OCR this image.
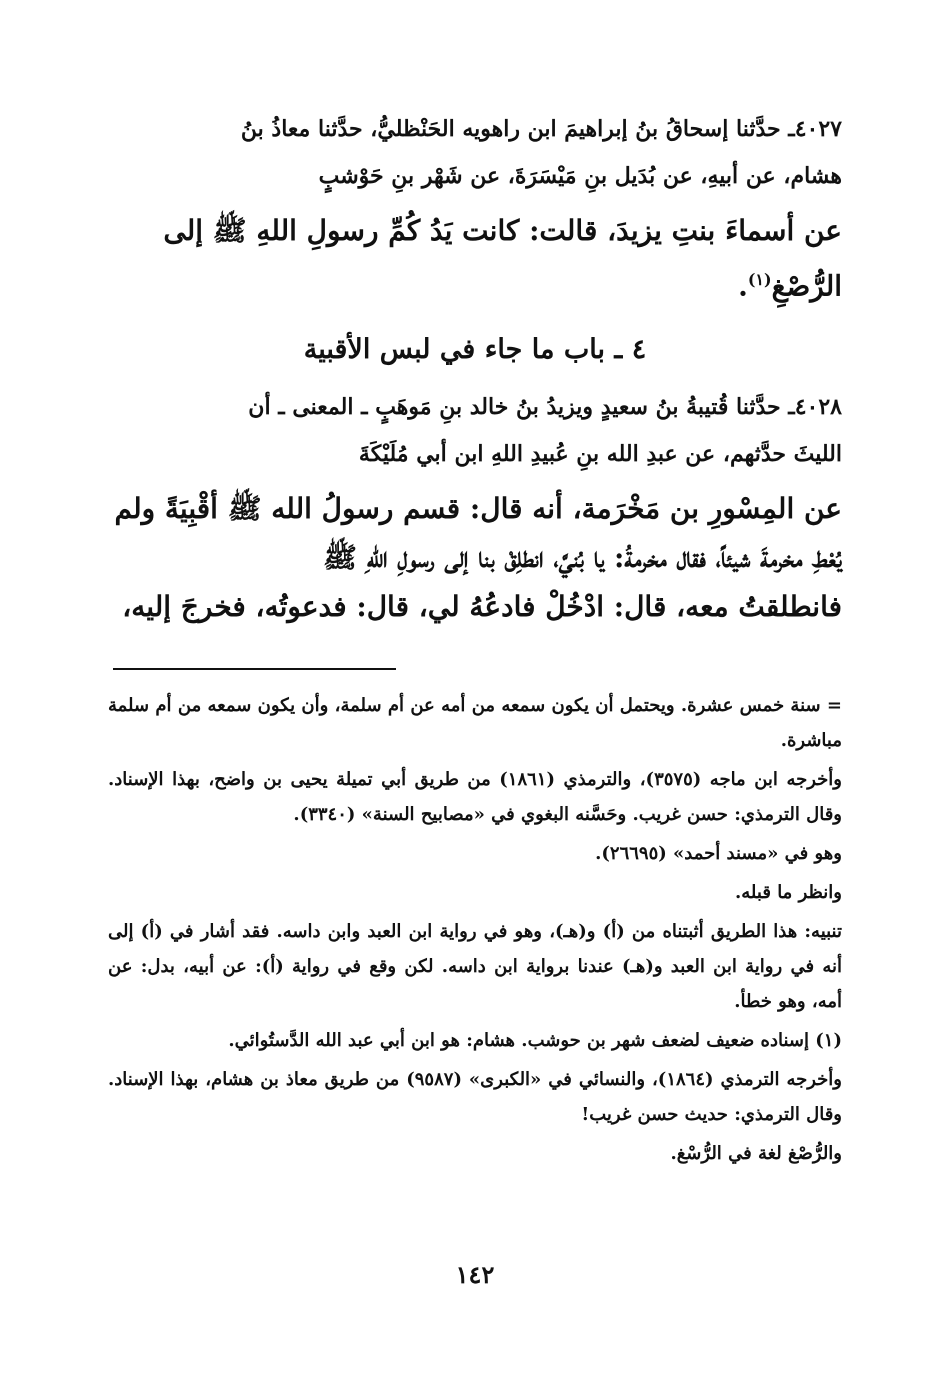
٤٠٢٧ـ حدَّثنا إسحاقُ بنُ إبراهيمَ ابن راهويه الحَنْظليُّ، حدَّثنا معاذُ بنُ
هشام، عن أبيهِ، عن بُدَيل بنِ مَيْسَرَةَ، عن شَهْر بنِ حَوْشبٍ

عن أسماءَ بنتِ يزيدَ، قالت: كانت يَدُ كُمِّ رسولِ اللهِ ﷺ إلى
الرُّصْغِ$^{(١)}$.

٤ ـ باب ما جاء في لبس الأقبية

٤٠٢٨ـ حدَّثنا قُتيبةُ بنُ سعيدٍ ويزيدُ بنُ خالد بنِ مَوهَبٍ ـ المعنى ـ أن
الليثَ حدَّثهم، عن عبدِ الله بنِ عُبيدِ اللهِ ابن أبي مُلَيْكَةَ

عن المِسْورِ بن مَخْرَمة، أنه قال: قسم رسولُ الله ﷺ أقْبِيَةً ولم
يُعْطِ مخرمةَ شيئاً، فقال مخرمةُ: يا بُنيَّ، انطلِقْ بنا إلى رسولِ اللهِ ﷺ
فانطلقتُ معه، قال: ادْخُلْ فادعُهُ لي، قال: فدعوتُه، فخرجَ إليه،

= سنة خمس عشرة. ويحتمل أن يكون سمعه من أمه عن أم سلمة، وأن يكون سمعه من أم سلمة مباشرة.

وأخرجه ابن ماجه (٣٥٧٥)، والترمذي (١٨٦١) من طريق أبي تميلة يحيى بن واضح، بهذا الإسناد. وقال الترمذي: حسن غريب. وحَسَّنه البغوي في «مصابيح السنة» (٣٣٤٠).

وهو في «مسند أحمد» (٢٦٦٩٥).

وانظر ما قبله.

تنبيه: هذا الطريق أثبتناه من (أ) و(هـ)، وهو في رواية ابن العبد وابن داسه. فقد أشار في (أ) إلى أنه في رواية ابن العبد و(هـ) عندنا برواية ابن داسه. لكن وقع في رواية (أ): عن أبيه، بدل: عن أمه، وهو خطأ.

(١) إسناده ضعيف لضعف شهر بن حوشب. هشام: هو ابن أبي عبد الله الدَّستُوائي.

وأخرجه الترمذي (١٨٦٤)، والنسائي في «الكبرى» (٩٥٨٧) من طريق معاذ بن هشام، بهذا الإسناد. وقال الترمذي: حديث حسن غريب!

والرُّصْغ لغة في الرُّسْغ.

١٤٢
